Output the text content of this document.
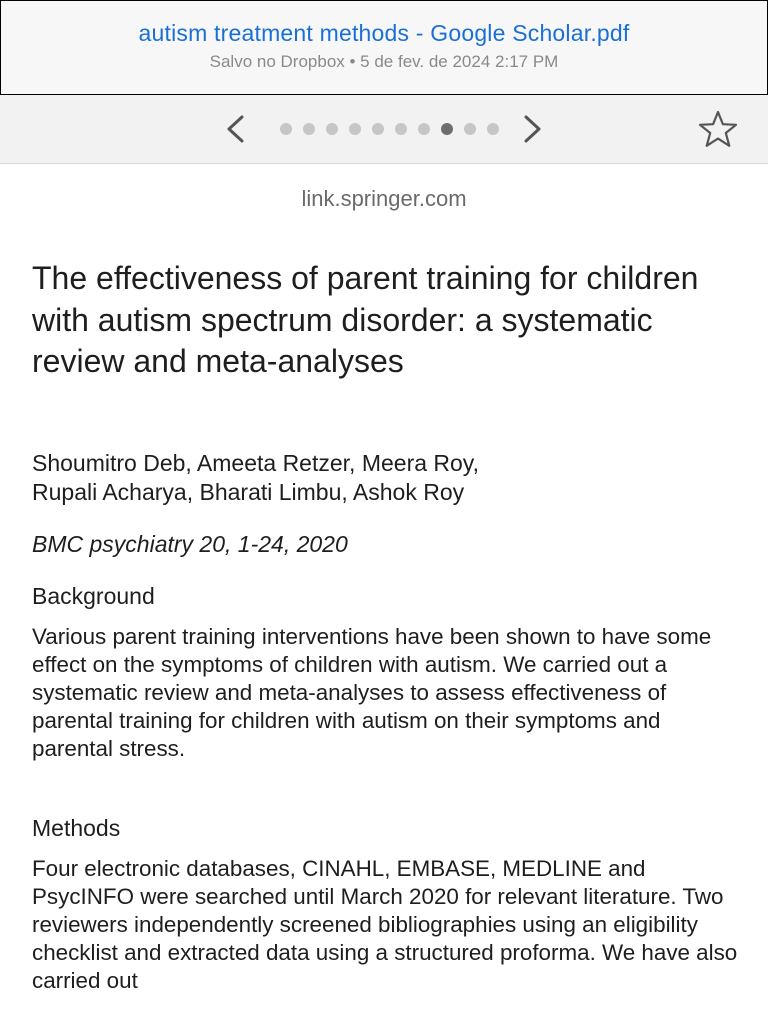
autism treatment methods - Google Scholar.pdf
Salvo no Dropbox • 5 de fev. de 2024 2:17 PM
link.springer.com
The effectiveness of parent training for children with autism spectrum disorder: a systematic review and meta-analyses
Shoumitro Deb, Ameeta Retzer, Meera Roy,
Rupali Acharya, Bharati Limbu, Ashok Roy
BMC psychiatry 20, 1-24, 2020
Background
Various parent training interventions have been shown to have some effect on the symptoms of children with autism. We carried out a systematic review and meta-analyses to assess effectiveness of parental training for children with autism on their symptoms and parental stress.
Methods
Four electronic databases, CINAHL, EMBASE, MEDLINE and PsycINFO were searched until March 2020 for relevant literature. Two reviewers independently screened bibliographies using an eligibility checklist and extracted data using a structured proforma. We have also carried out
